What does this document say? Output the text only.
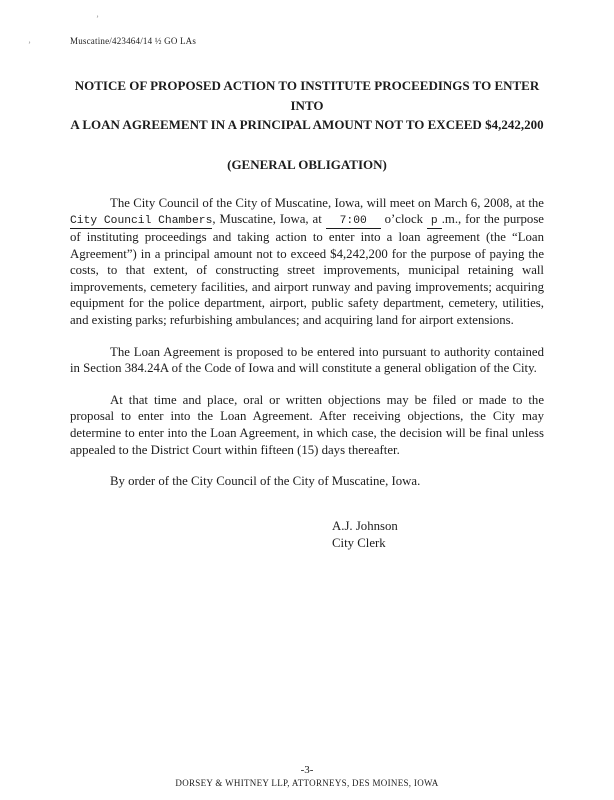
’
’	Muscatine/423464/14 ½ GO LAs
NOTICE OF PROPOSED ACTION TO INSTITUTE PROCEEDINGS TO ENTER INTO
A LOAN AGREEMENT IN A PRINCIPAL AMOUNT NOT TO EXCEED $4,242,200
(GENERAL OBLIGATION)

The City Council of the City of Muscatine, Iowa, will meet on March 6, 2008, at the City Council Chambers, Muscatine, Iowa, at 7:00 o’clock p .m., for the purpose of instituting proceedings and taking action to enter into a loan agreement (the “Loan Agreement”) in a principal amount not to exceed $4,242,200 for the purpose of paying the costs, to that extent, of constructing street improvements, municipal retaining wall improvements, cemetery facilities, and airport runway and paving improvements; acquiring equipment for the police department, airport, public safety department, cemetery, utilities, and existing parks; refurbishing ambulances; and acquiring land for airport extensions.

The Loan Agreement is proposed to be entered into pursuant to authority contained in Section 384.24A of the Code of Iowa and will constitute a general obligation of the City.

At that time and place, oral or written objections may be filed or made to the proposal to enter into the Loan Agreement. After receiving objections, the City may determine to enter into the Loan Agreement, in which case, the decision will be final unless appealed to the District Court within fifteen (15) days thereafter.

By order of the City Council of the City of Muscatine, Iowa.

A.J. Johnson
City Clerk
-3-
DORSEY & WHITNEY LLP, ATTORNEYS, DES MOINES, IOWA
